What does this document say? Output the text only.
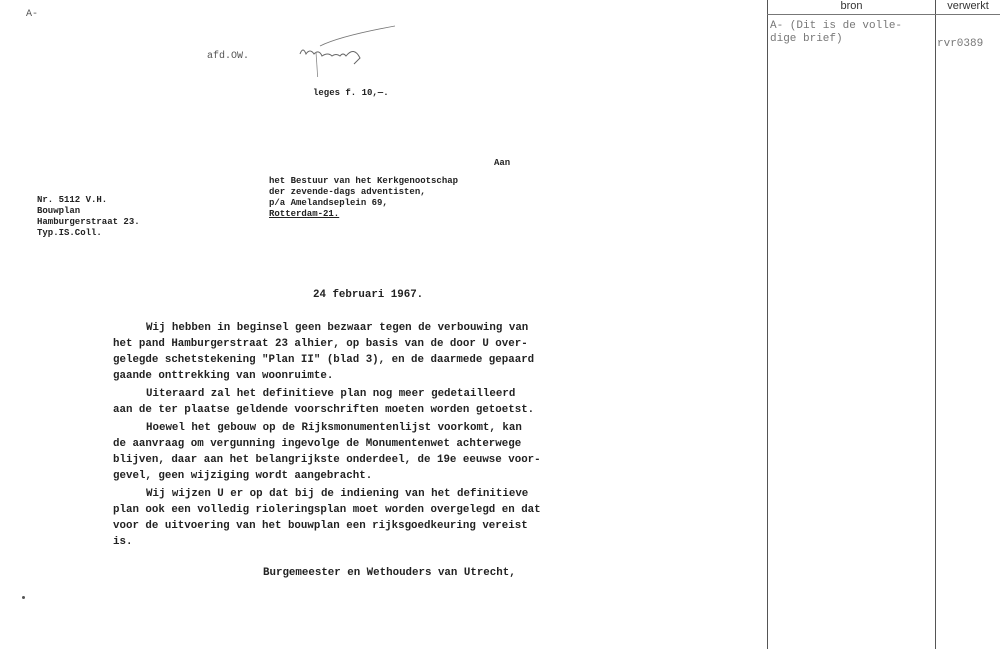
A-
afd.OW.
leges f. 10,—.
Aan
het Bestuur van het Kerkgenootschap
der zevende-dags adventisten,
p/a Amelandseplein 69,
Rotterdam-21.
Nr. 5112 V.H.
Bouwplan
Hamburgerstraat 23.
Typ.IS.Coll.
24 februari 1967.
Wij hebben in beginsel geen bezwaar tegen de verbouwing van
het pand Hamburgerstraat 23 alhier, op basis van de door U over-
gelegde schetstekening "Plan II" (blad 3), en de daarmede gepaard
gaande onttrekking van woonruimte.
Uiteraard zal het definitieve plan nog meer gedetailleerd
aan de ter plaatse geldende voorschriften moeten worden getoetst.
Hoewel het gebouw op de Rijksmonumentenlijst voorkomt, kan
de aanvraag om vergunning ingevolge de Monumentenwet achterwege
blijven, daar aan het belangrijkste onderdeel, de 19e eeuwse voor-
gevel, geen wijziging wordt aangebracht.
Wij wijzen U er op dat bij de indiening van het definitieve
plan ook een volledig rioleringsplan moet worden overgelegd en dat
voor de uitvoering van het bouwplan een rijksgoedkeuring vereist
is.
Burgemeester en Wethouders van Utrecht,
bron	verwerkt
A- (Dit is de volle-
dige brief)	rvr0389
